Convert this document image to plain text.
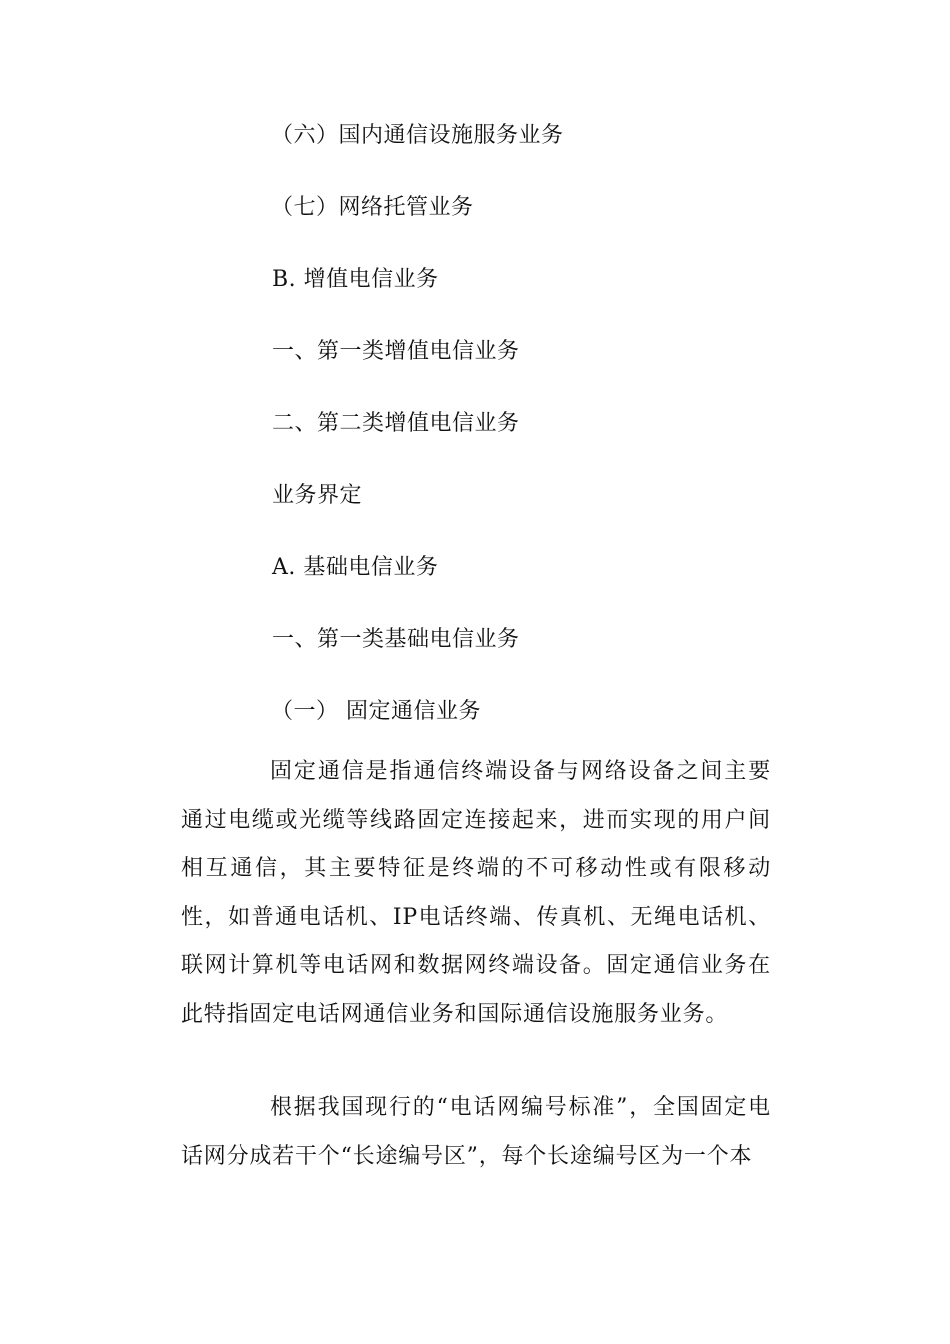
（六）国内通信设施服务业务
（七）网络托管业务
B. 增值电信业务
一、第一类增值电信业务
二、第二类增值电信业务
业务界定
A. 基础电信业务
一、第一类基础电信业务
（一） 固定通信业务

固定通信是指通信终端设备与网络设备之间主要通过电缆或光缆等线路固定连接起来，进而实现的用户间相互通信，其主要特征是终端的不可移动性或有限移动性，如普通电话机、IP电话终端、传真机、无绳电话机、联网计算机等电话网和数据网终端设备。固定通信业务在此特指固定电话网通信业务和国际通信设施服务业务。

根据我国现行的“电话网编号标准”，全国固定电话网分成若干个“长途编号区”，每个长途编号区为一个本
